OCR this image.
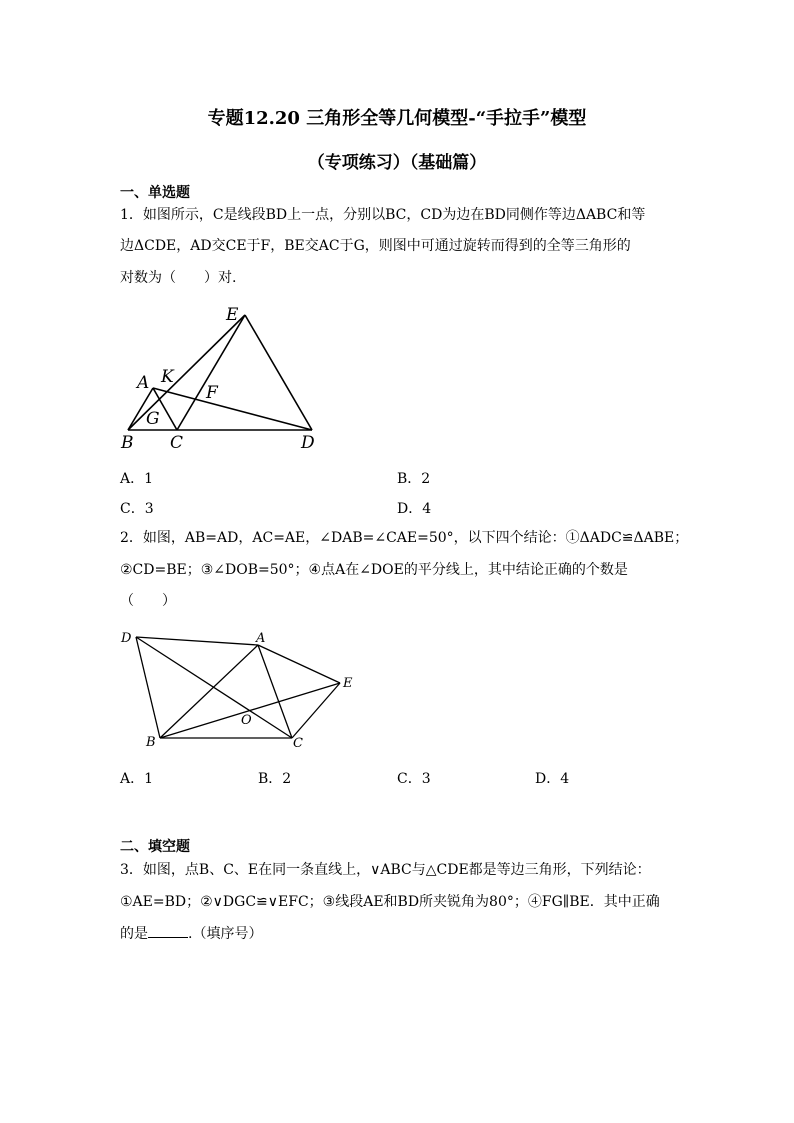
专题12.20 三角形全等几何模型-“手拉手”模型
（专项练习）（基础篇）
一、单选题
1．如图所示，C是线段BD上一点，分别以BC，CD为边在BD同侧作等边ΔABC和等
边ΔCDE，AD交CE于F，BE交AC于G，则图中可通过旋转而得到的全等三角形的
对数为（　　）对.
E
A K
F
G
B C	D
A．1	B．2
C．3	D．4
2．如图，AB=AD，AC=AE，∠DAB=∠CAE=50°，以下四个结论：①ΔADC≌ΔABE；
②CD=BE；③∠DOB=50°；④点A在∠DOE的平分线上，其中结论正确的个数是
（　　）
D	A
E
O
B	C
A．1	B．2	C．3	D．4
二、填空题
3．如图，点B、C、E在同一条直线上，∨ABC与△CDE都是等边三角形，下列结论：
①AE=BD；②∨DGC≌∨EFC；③线段AE和BD所夹锐角为80°；④FG∥BE．其中正确
的是	.（填序号）
